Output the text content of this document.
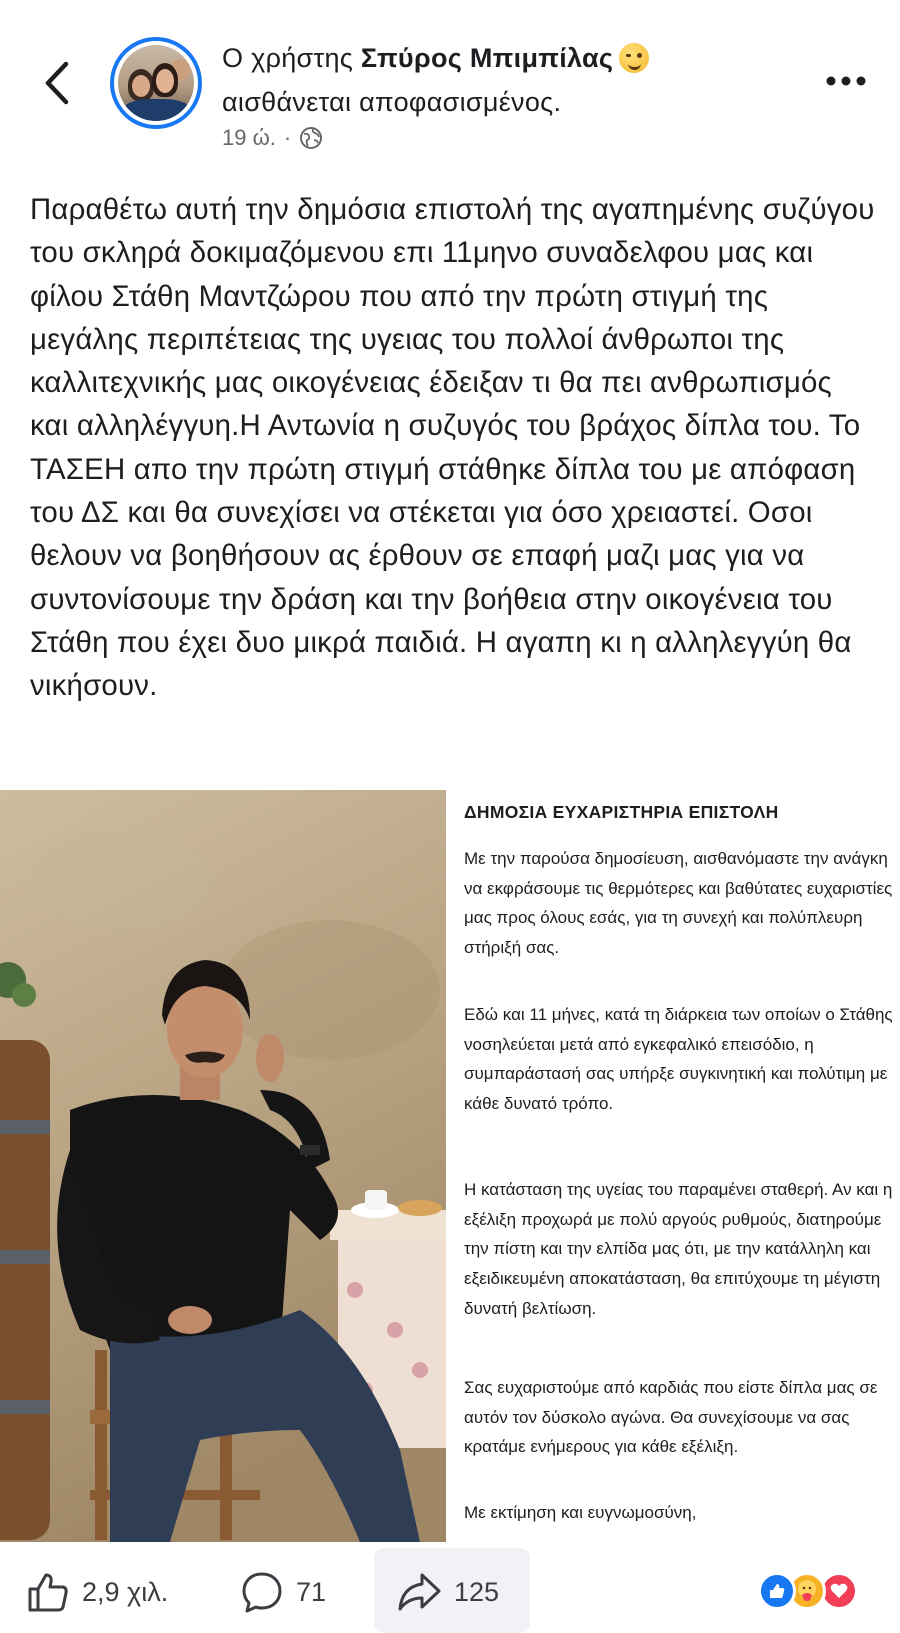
Ο χρήστης Σπύρος Μπιμπίλας
αισθάνεται αποφασισμένος.
19 ώ. ·

Παραθέτω αυτή την δημόσια επιστολή της αγαπημένης συζύγου του σκληρά δοκιμαζόμενου επι 11μηνο συναδελφου μας και φίλου Στάθη Μαντζώρου που από την πρώτη στιγμή της μεγάλης περιπέτειας της υγειας του πολλοί άνθρωποι της καλλιτεχνικής μας οικογένειας έδειξαν τι θα πει ανθρωπισμός και αλληλέγγυη.Η Αντωνία η συζυγός του βράχος δίπλα του. Το ΤΑΣΕΗ απο την πρώτη στιγμή στάθηκε δίπλα του με απόφαση του ΔΣ και θα συνεχίσει να στέκεται για όσο χρειαστεί. Οσοι θελουν να βοηθήσουν ας έρθουν σε επαφή μαζι μας για να συντονίσουμε την δράση και την βοήθεια στην οικογένεια του Στάθη που έχει δυο μικρά παιδιά. Η αγαπη κι η αλληλεγγύη θα νικήσουν.

ΔΗΜΟΣΙΑ ΕΥΧΑΡΙΣΤΗΡΙΑ ΕΠΙΣΤΟΛΗ

Με την παρούσα δημοσίευση, αισθανόμαστε την ανάγκη να εκφράσουμε τις θερμότερες και βαθύτατες ευχαριστίες μας προς όλους εσάς, για τη συνεχή και πολύπλευρη στήριξή σας.

Εδώ και 11 μήνες, κατά τη διάρκεια των οποίων ο Στάθης νοσηλεύεται μετά από εγκεφαλικό επεισόδιο, η συμπαράστασή σας υπήρξε συγκινητική και πολύτιμη με κάθε δυνατό τρόπο.

Η κατάσταση της υγείας του παραμένει σταθερή. Αν και η εξέλιξη προχωρά με πολύ αργούς ρυθμούς, διατηρούμε την πίστη και την ελπίδα μας ότι, με την κατάλληλη και εξειδικευμένη αποκατάσταση, θα επιτύχουμε τη μέγιστη δυνατή βελτίωση.

Σας ευχαριστούμε από καρδιάς που είστε δίπλα μας σε αυτόν τον δύσκολο αγώνα. Θα συνεχίσουμε να σας κρατάμε ενήμερους για κάθε εξέλιξη.

Με εκτίμηση και ευγνωμοσύνη,

2,9 χιλ.	71	125
